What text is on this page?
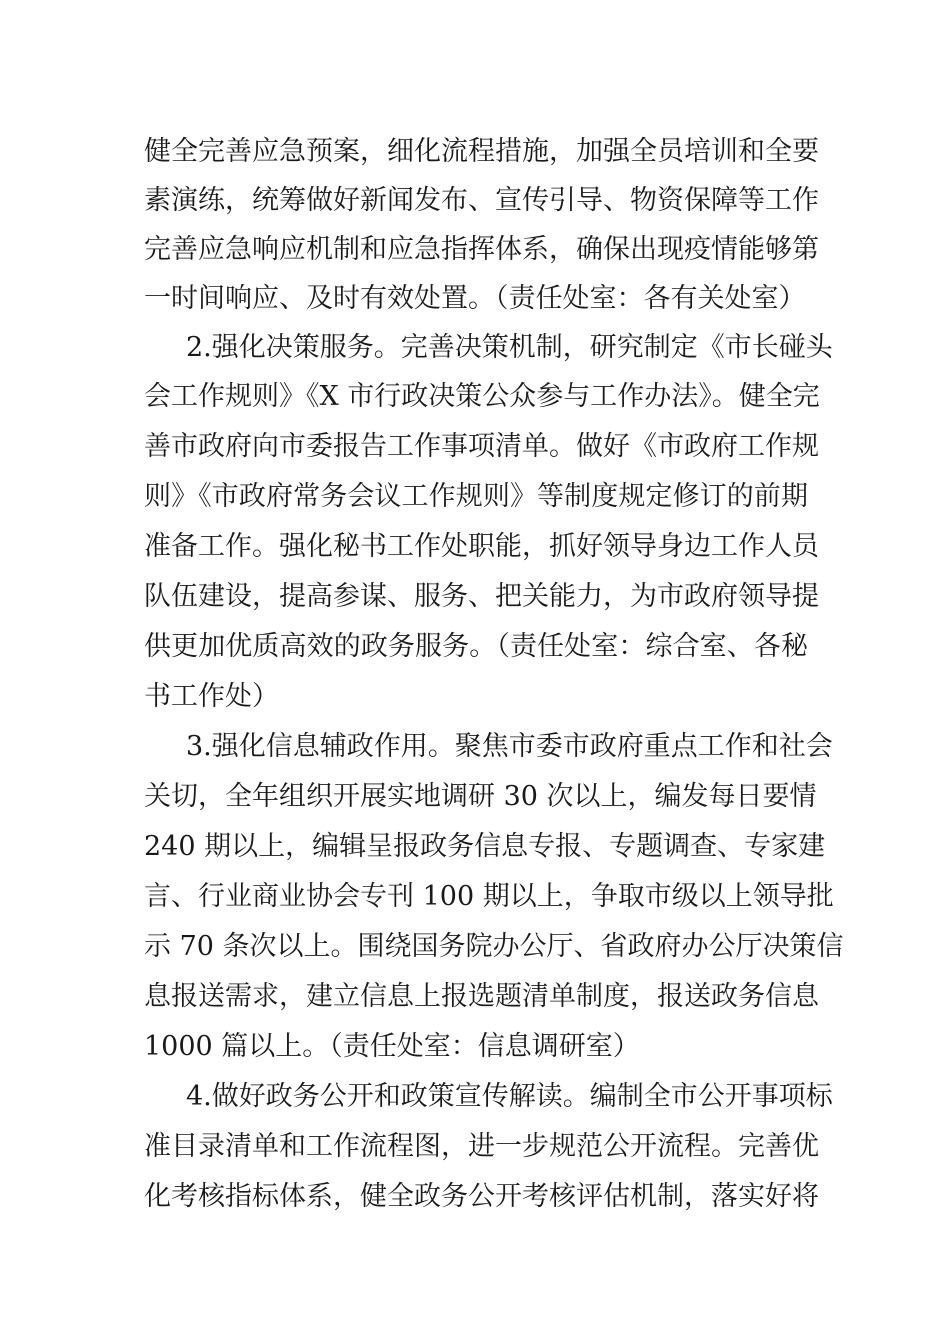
健全完善应急预案，细化流程措施，加强全员培训和全要
素演练，统筹做好新闻发布、宣传引导、物资保障等工作
完善应急响应机制和应急指挥体系，确保出现疫情能够第
一时间响应、及时有效处置。（责任处室：各有关处室）
2.强化决策服务。完善决策机制，研究制定《市长碰头
会工作规则》《X 市行政决策公众参与工作办法》。健全完
善市政府向市委报告工作事项清单。做好《市政府工作规
则》《市政府常务会议工作规则》等制度规定修订的前期
准备工作。强化秘书工作处职能，抓好领导身边工作人员
队伍建设，提高参谋、服务、把关能力，为市政府领导提
供更加优质高效的政务服务。（责任处室：综合室、各秘
书工作处）
3.强化信息辅政作用。聚焦市委市政府重点工作和社会
关切，全年组织开展实地调研 30 次以上，编发每日要情
240 期以上，编辑呈报政务信息专报、专题调查、专家建
言、行业商业协会专刊 100 期以上，争取市级以上领导批
示 70 条次以上。围绕国务院办公厅、省政府办公厅决策信
息报送需求，建立信息上报选题清单制度，报送政务信息
1000 篇以上。（责任处室：信息调研室）
4.做好政务公开和政策宣传解读。编制全市公开事项标
准目录清单和工作流程图，进一步规范公开流程。完善优
化考核指标体系，健全政务公开考核评估机制，落实好将
